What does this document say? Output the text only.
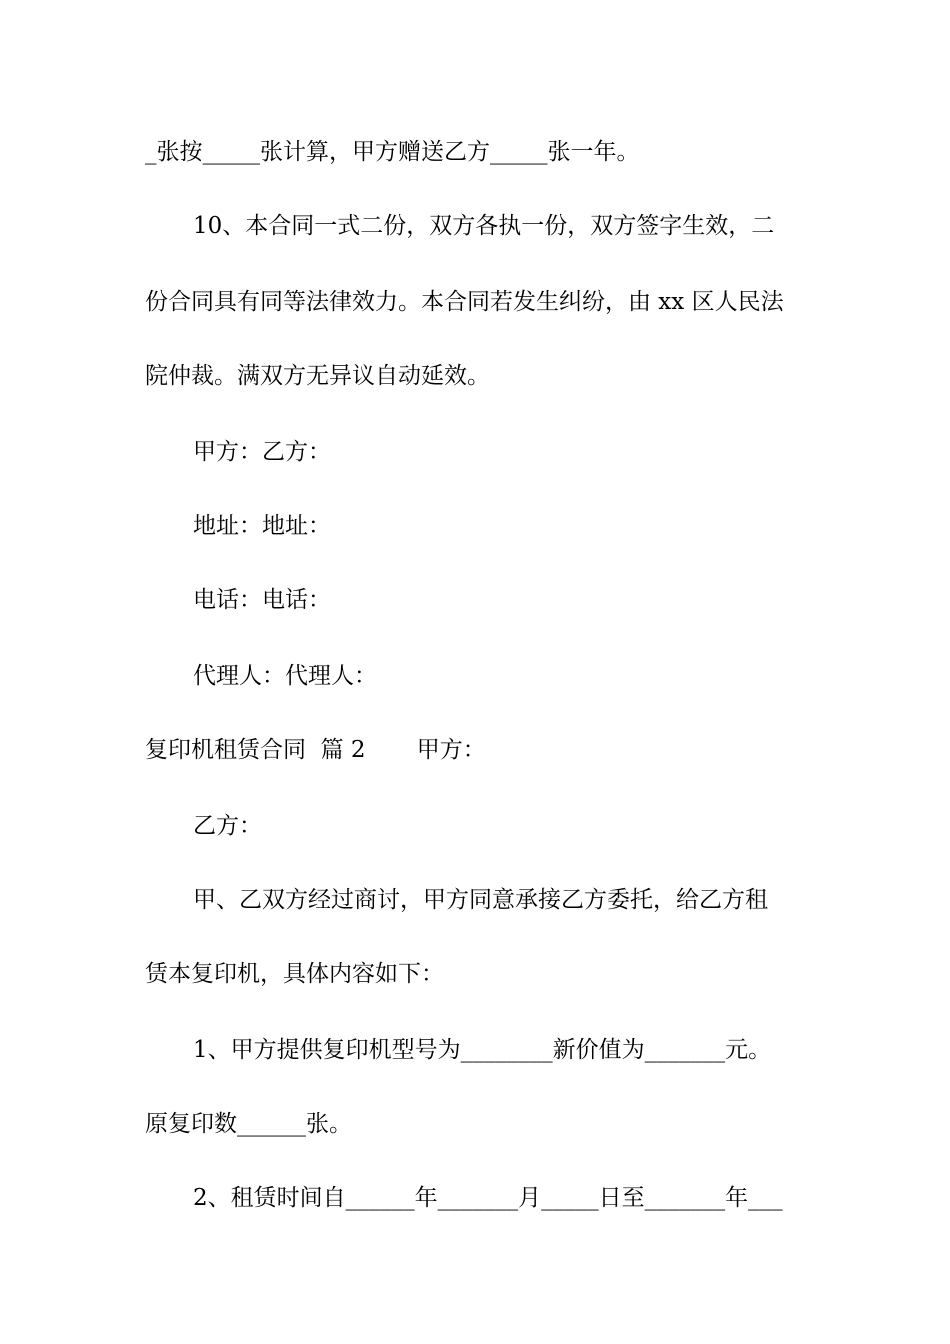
_张按_____张计算，甲方赠送乙方_____张一年。
10、本合同一式二份，双方各执一份，双方签字生效，二
份合同具有同等法律效力。本合同若发生纠纷，由 xx 区人民法
院仲裁。满双方无异议自动延效。
甲方：乙方：
地址：地址：
电话：电话：
代理人：代理人：
复印机租赁合同  篇 2       甲方：
乙方：
甲、乙双方经过商讨，甲方同意承接乙方委托，给乙方租
赁本复印机，具体内容如下：
1、甲方提供复印机型号为________新价值为_______元。
原复印数______张。
2、租赁时间自______年_______月_____日至_______年___
